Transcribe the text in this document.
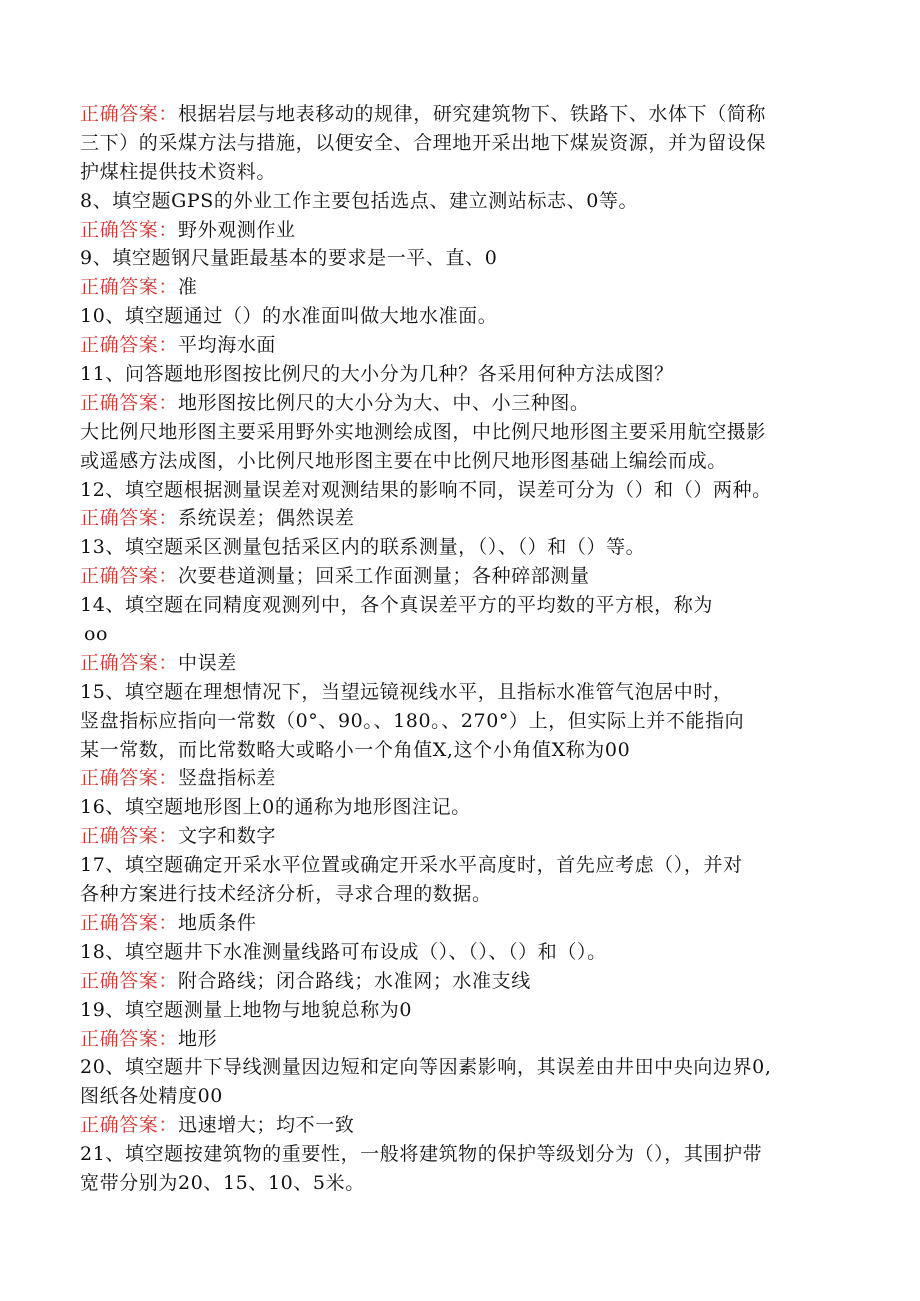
正确答案：根据岩层与地表移动的规律，研究建筑物下、铁路下、水体下（简称
三下）的采煤方法与措施，以便安全、合理地开采出地下煤炭资源，并为留设保
护煤柱提供技术资料。
8、填空题GPS的外业工作主要包括选点、建立测站标志、0等。
正确答案：野外观测作业
9、填空题钢尺量距最基本的要求是一平、直、0
正确答案：准
10、填空题通过（）的水准面叫做大地水准面。
正确答案：平均海水面
11、问答题地形图按比例尺的大小分为几种？各采用何种方法成图？
正确答案：地形图按比例尺的大小分为大、中、小三种图。
大比例尺地形图主要采用野外实地测绘成图，中比例尺地形图主要采用航空摄影
或遥感方法成图，小比例尺地形图主要在中比例尺地形图基础上编绘而成。
12、填空题根据测量误差对观测结果的影响不同，误差可分为（）和（）两种。
正确答案：系统误差；偶然误差
13、填空题采区测量包括采区内的联系测量，（）、（）和（）等。
正确答案：次要巷道测量；回采工作面测量；各种碎部测量
14、填空题在同精度观测列中，各个真误差平方的平均数的平方根，称为
oo
正确答案：中误差
15、填空题在理想情况下，当望远镜视线水平，且指标水准管气泡居中时，
竖盘指标应指向一常数（0°、90。、180。、270°）上，但实际上并不能指向
某一常数，而比常数略大或略小一个角值X,这个小角值X称为00
正确答案：竖盘指标差
16、填空题地形图上0的通称为地形图注记。
正确答案：文字和数字
17、填空题确定开采水平位置或确定开采水平高度时，首先应考虑（），并对
各种方案进行技术经济分析，寻求合理的数据。
正确答案：地质条件
18、填空题井下水准测量线路可布设成（）、（）、（）和（）。
正确答案：附合路线；闭合路线；水准网；水准支线
19、填空题测量上地物与地貌总称为0
正确答案：地形
20、填空题井下导线测量因边短和定向等因素影响，其误差由井田中央向边界0,
图纸各处精度00
正确答案：迅速增大；均不一致
21、填空题按建筑物的重要性，一般将建筑物的保护等级划分为（），其围护带
宽带分别为20、15、10、5米。
